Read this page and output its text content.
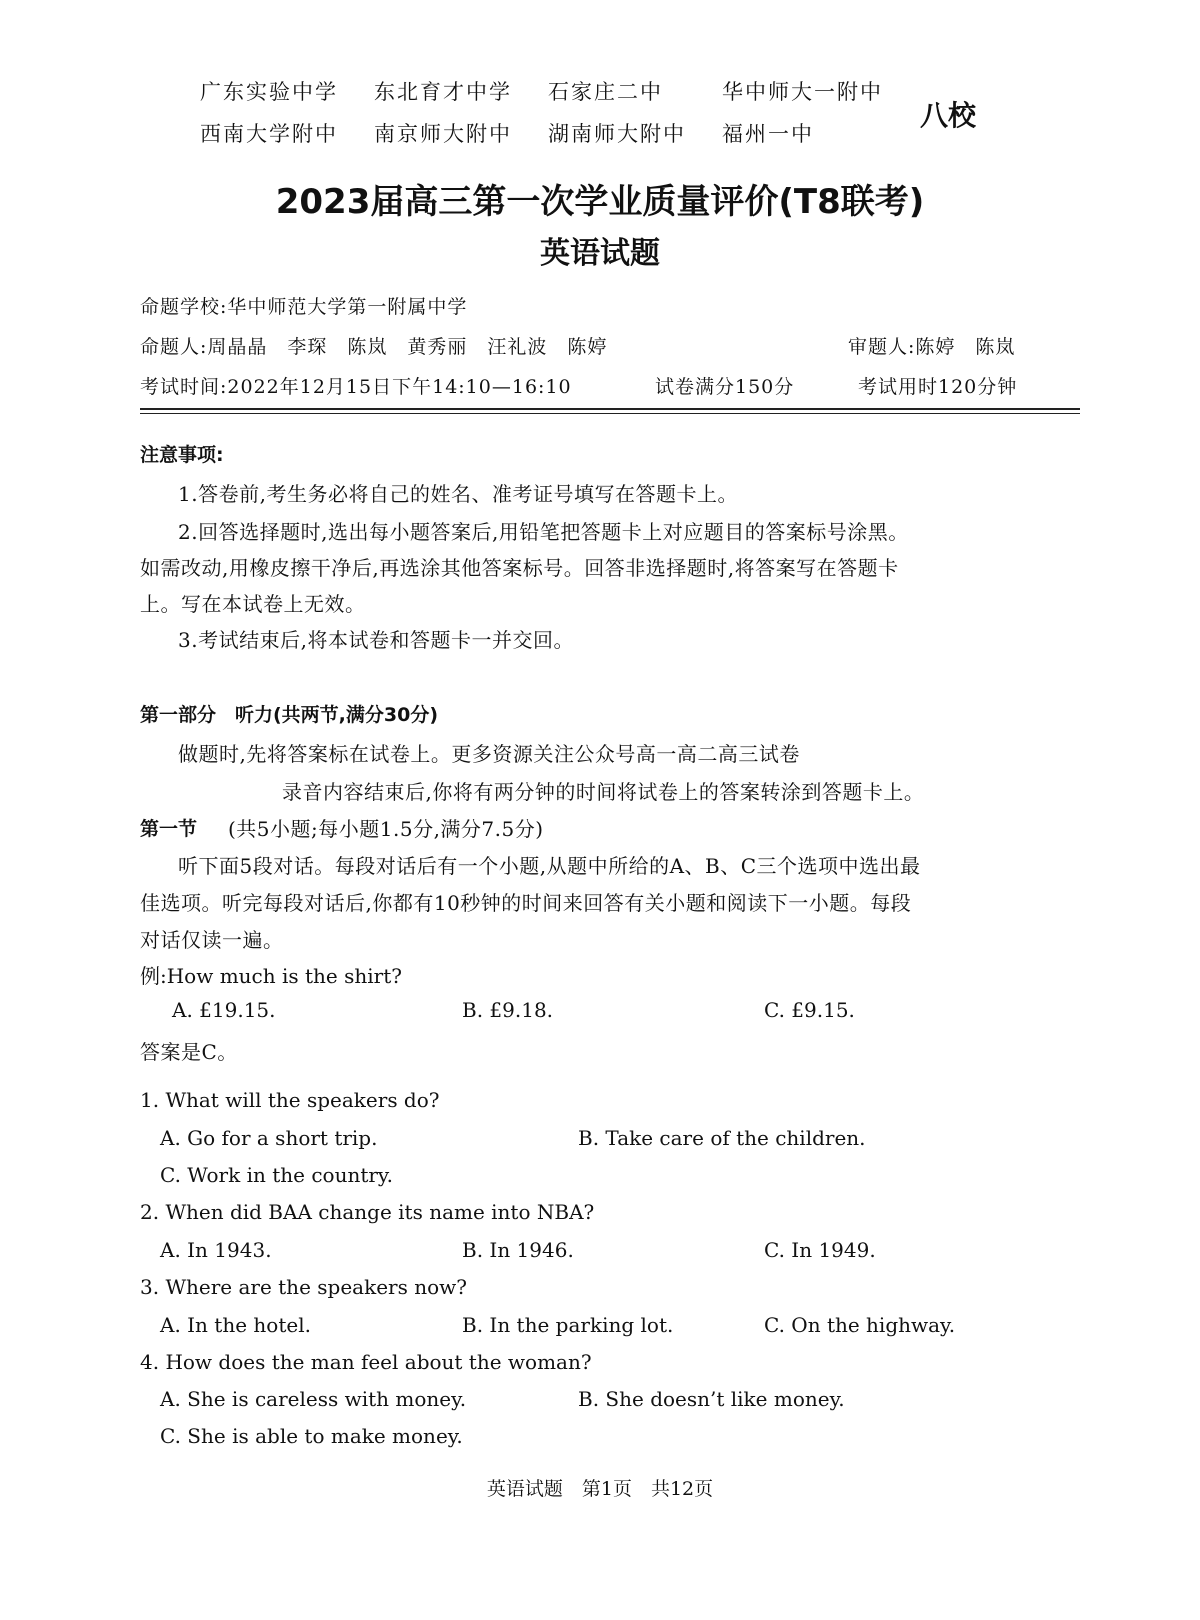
广东实验中学 东北育才中学 石家庄二中	华中师大一附中
西南大学附中 南京师大附中 湖南师大附中 福州一中
八校
2023届高三第一次学业质量评价(T8联考)
英语试题
命题学校:华中师范大学第一附属中学
命题人:周晶晶　李琛　陈岚　黄秀丽　汪礼波　陈婷	审题人:陈婷　陈岚
考试时间:2022年12月15日下午14:10—16:10	试卷满分150分	考试用时120分钟
注意事项:
1.答卷前,考生务必将自己的姓名、准考证号填写在答题卡上。
2.回答选择题时,选出每小题答案后,用铅笔把答题卡上对应题目的答案标号涂黑。
如需改动,用橡皮擦干净后,再选涂其他答案标号。回答非选择题时,将答案写在答题卡
上。写在本试卷上无效。
3.考试结束后,将本试卷和答题卡一并交回。
第一部分　听力(共两节,满分30分)
做题时,先将答案标在试卷上。更多资源关注公众号高一高二高三试卷
录音内容结束后,你将有两分钟的时间将试卷上的答案转涂到答题卡上。
第一节 (共5小题;每小题1.5分,满分7.5分)
听下面5段对话。每段对话后有一个小题,从题中所给的A、B、C三个选项中选出最
佳选项。听完每段对话后,你都有10秒钟的时间来回答有关小题和阅读下一小题。每段
对话仅读一遍。
例:How much is the shirt?
A. £19.15.	B. £9.18.	C. £9.15.
答案是C。
1. What will the speakers do?
A. Go for a short trip.	B. Take care of the children.
C. Work in the country.
2. When did BAA change its name into NBA?
A. In 1943.	B. In 1946.	C. In 1949.
3. Where are the speakers now?
A. In the hotel.	B. In the parking lot.	C. On the highway.
4. How does the man feel about the woman?
A. She is careless with money.	B. She doesn’t like money.
C. She is able to make money.
英语试题　第1页　共12页
